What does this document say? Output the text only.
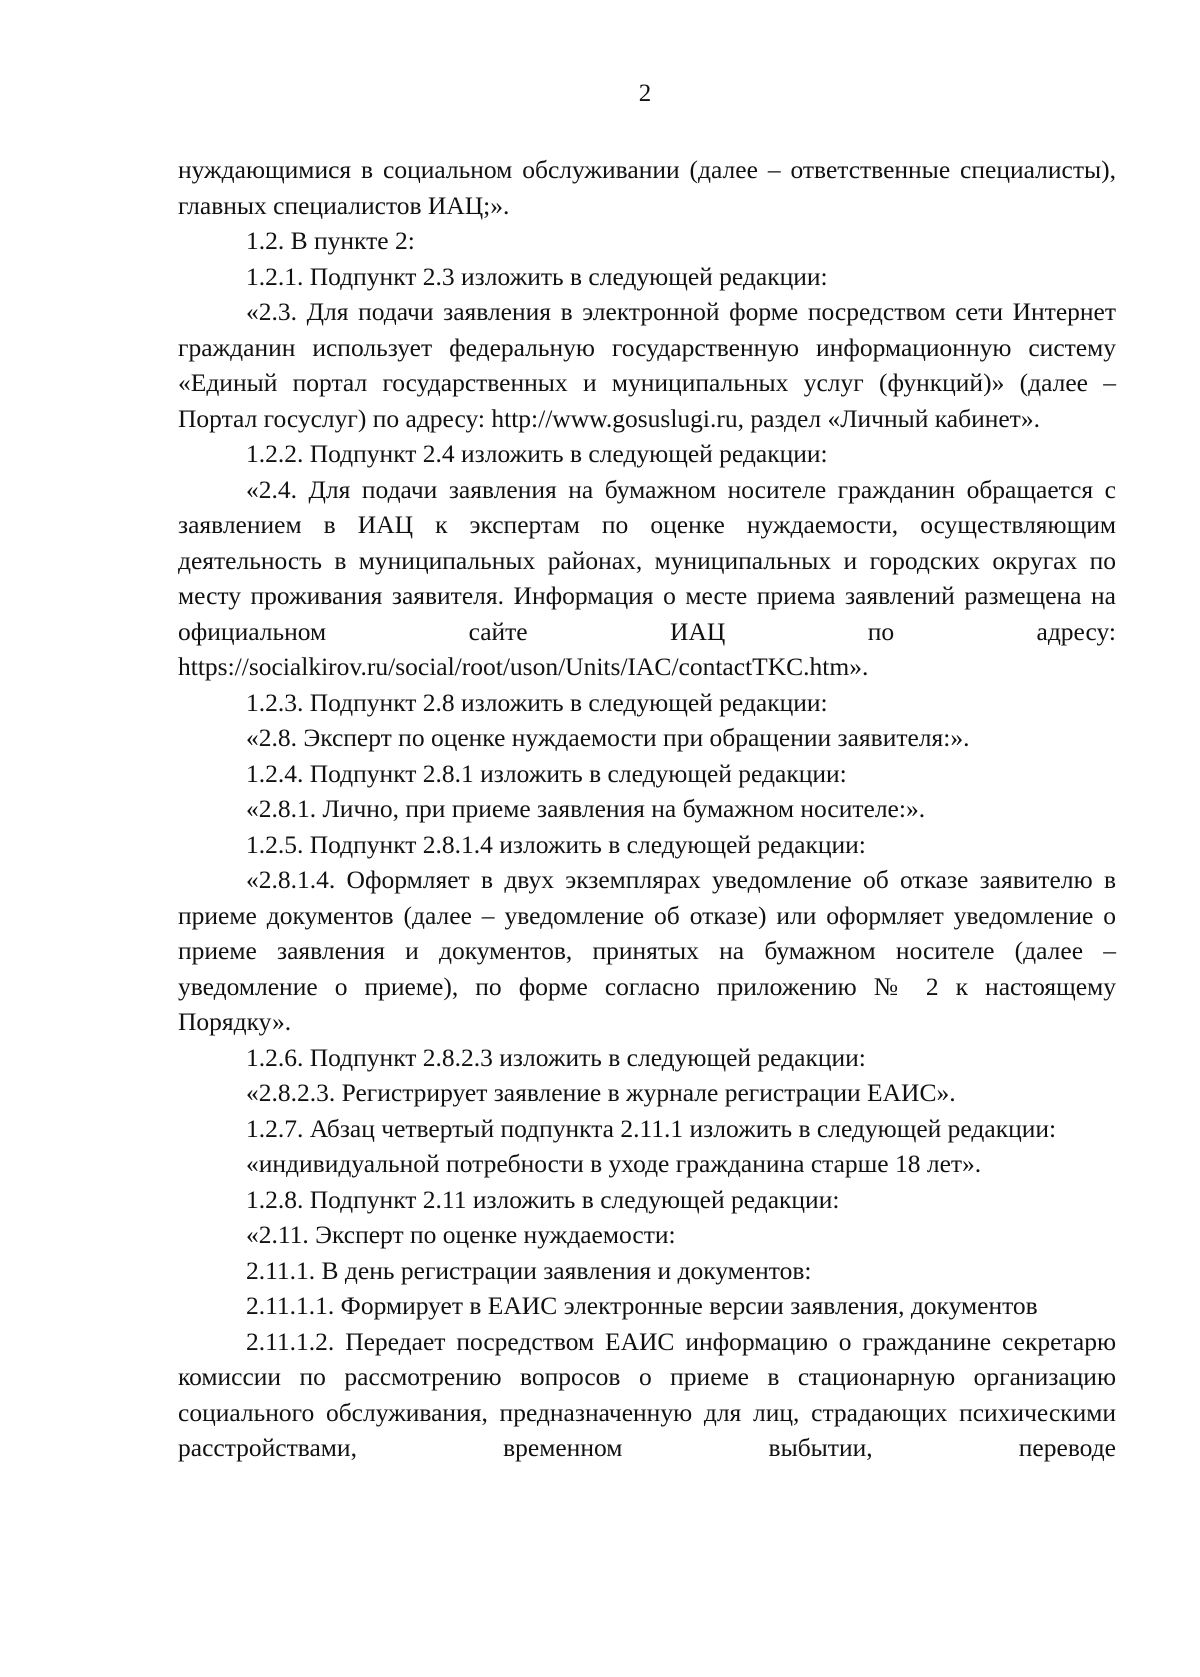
2

нуждающимися в социальном обслуживании (далее – ответственные специалисты), главных специалистов ИАЦ;».

1.2. В пункте 2:

1.2.1. Подпункт 2.3 изложить в следующей редакции:

«2.3. Для подачи заявления в электронной форме посредством сети Интернет гражданин использует федеральную государственную информационную систему «Единый портал государственных и муниципальных услуг (функций)» (далее – Портал госуслуг) по адресу: http://www.gosuslugi.ru, раздел «Личный кабинет».

1.2.2. Подпункт 2.4 изложить в следующей редакции:

«2.4. Для подачи заявления на бумажном носителе гражданин обращается с заявлением в ИАЦ к экспертам по оценке нуждаемости, осуществляющим деятельность в муниципальных районах, муниципальных и городских округах по месту проживания заявителя. Информация о месте приема заявлений размещена на официальном сайте ИАЦ по адресу: https://socialkirov.ru/social/root/uson/Units/IAC/contactTKC.htm».

1.2.3. Подпункт 2.8 изложить в следующей редакции:

«2.8. Эксперт по оценке нуждаемости при обращении заявителя:».

1.2.4. Подпункт 2.8.1 изложить в следующей редакции:

«2.8.1. Лично, при приеме заявления на бумажном носителе:».

1.2.5. Подпункт 2.8.1.4 изложить в следующей редакции:

«2.8.1.4. Оформляет в двух экземплярах уведомление об отказе заявителю в приеме документов (далее – уведомление об отказе) или оформляет уведомление о приеме заявления и документов, принятых на бумажном носителе (далее – уведомление о приеме), по форме согласно приложению № 2 к настоящему Порядку».

1.2.6. Подпункт 2.8.2.3 изложить в следующей редакции:

«2.8.2.3. Регистрирует заявление в журнале регистрации ЕАИС».

1.2.7. Абзац четвертый подпункта 2.11.1 изложить в следующей редакции:

«индивидуальной потребности в уходе гражданина старше 18 лет».

1.2.8. Подпункт 2.11 изложить в следующей редакции:

«2.11. Эксперт по оценке нуждаемости:

2.11.1. В день регистрации заявления и документов:

2.11.1.1. Формирует в ЕАИС электронные версии заявления, документов

2.11.1.2. Передает посредством ЕАИС информацию о гражданине секретарю комиссии по рассмотрению вопросов о приеме в стационарную организацию социального обслуживания, предназначенную для лиц, страдающих психическими расстройствами, временном выбытии, переводе
